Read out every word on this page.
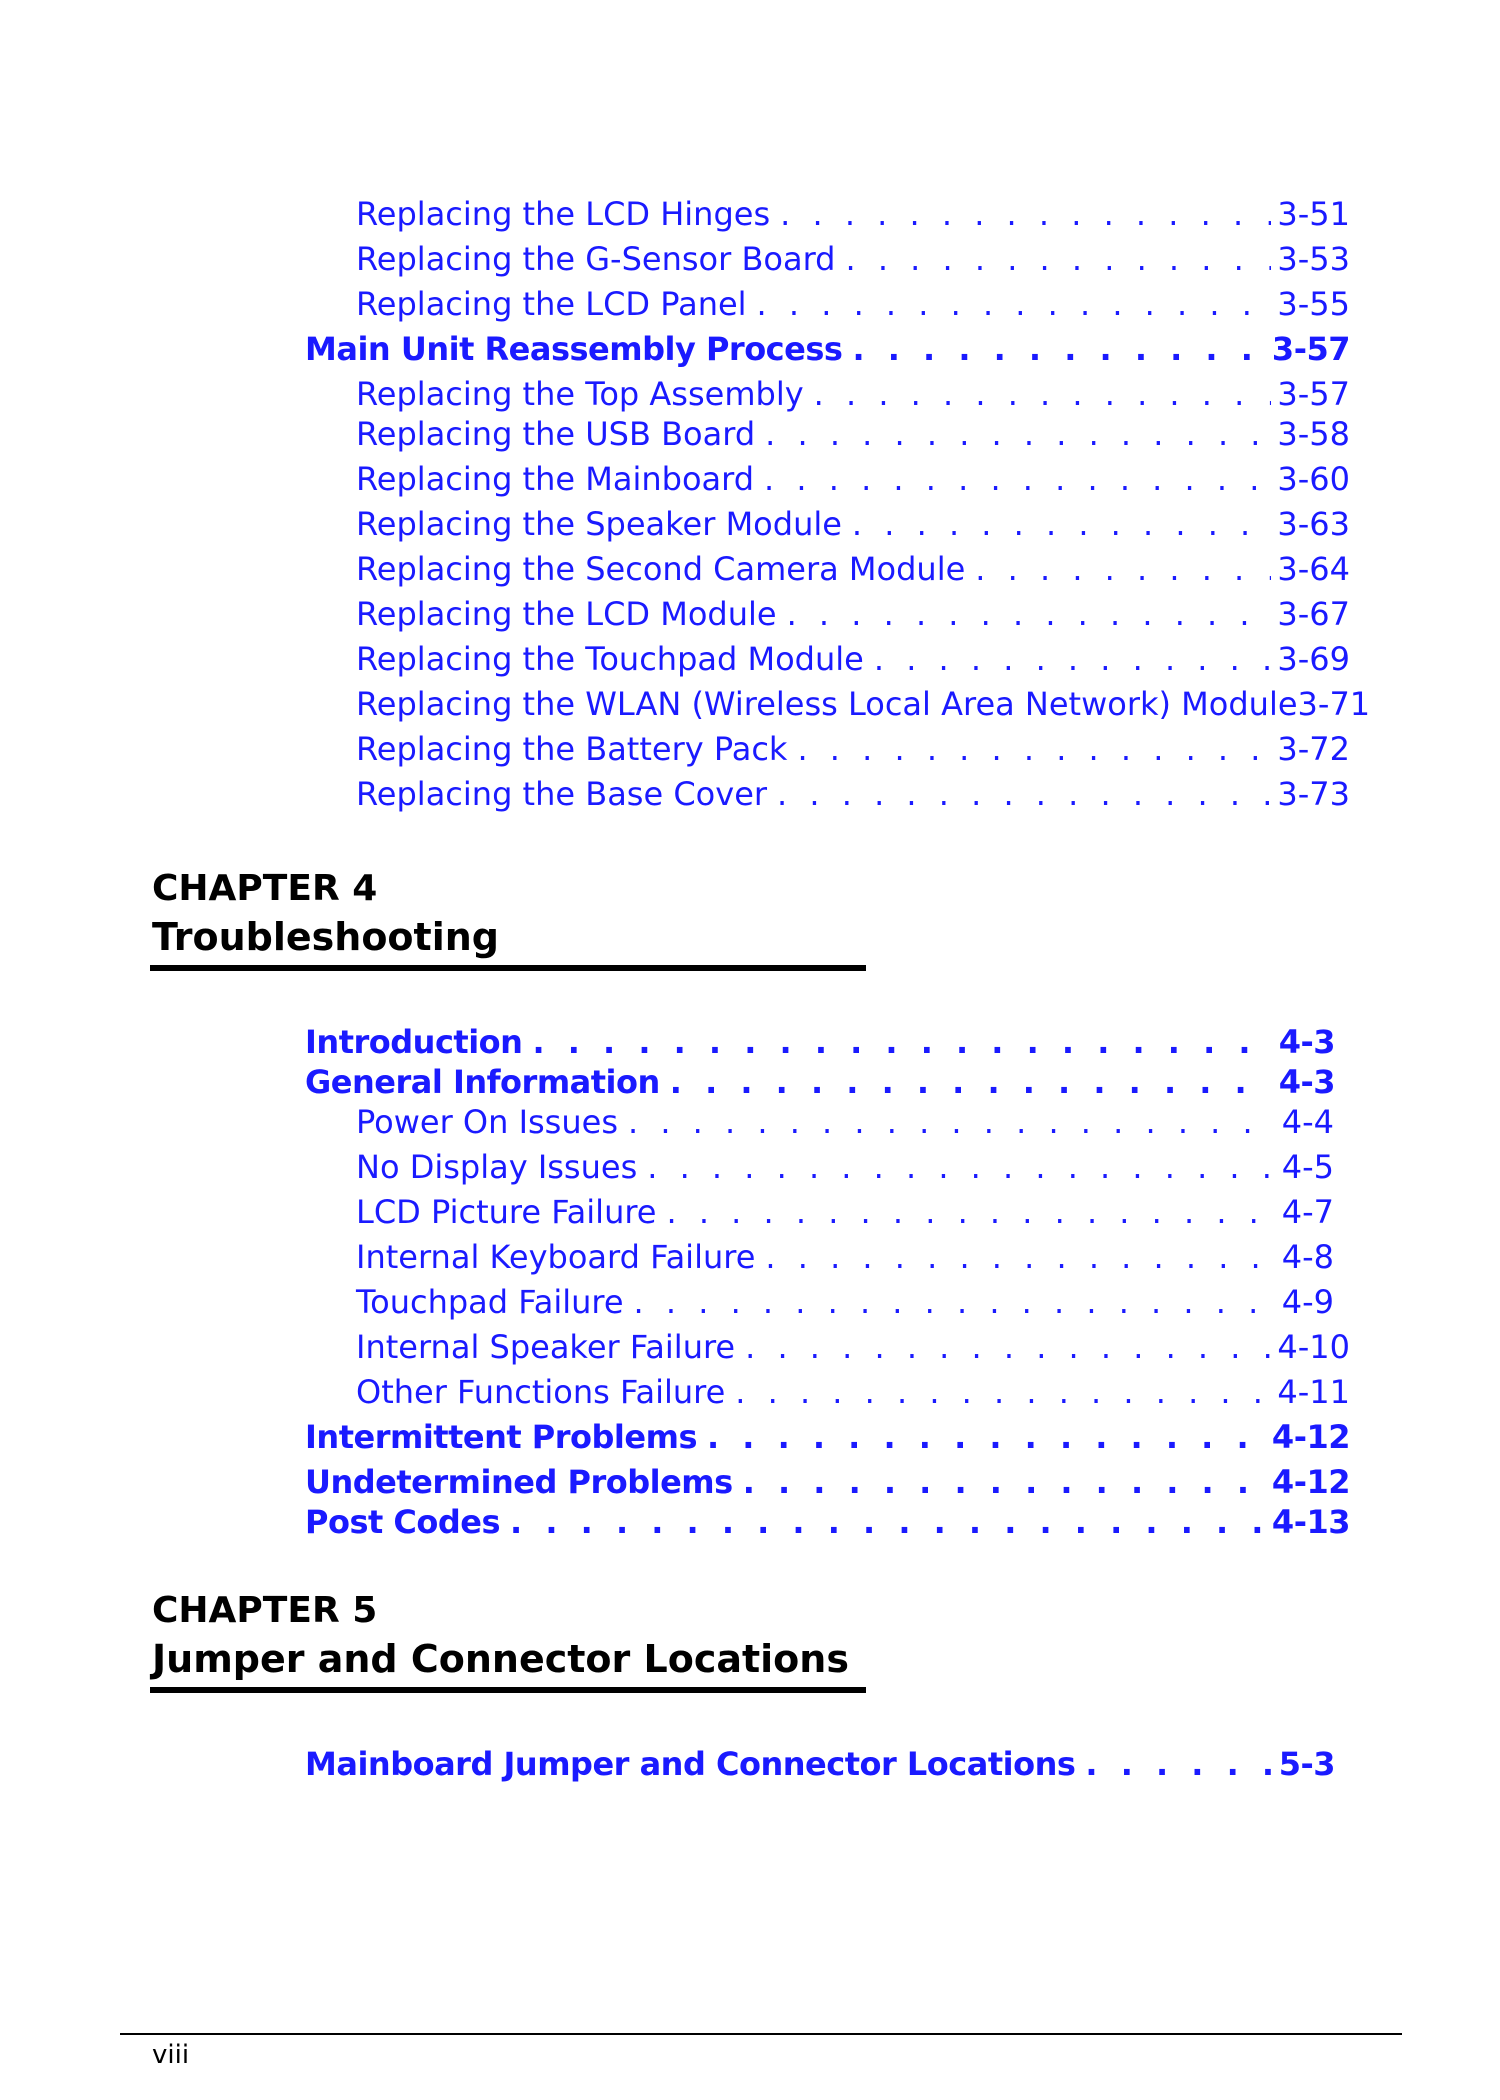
Replacing the LCD Hinges . . .	3-51
Replacing the G-Sensor Board . . .	3-53
Replacing the LCD Panel . . .	3-55
Main Unit Reassembly Process . . .	3-57
Replacing the Top Assembly . . .	3-57
Replacing the USB Board . . .	3-58
Replacing the Mainboard . . .	3-60
Replacing the Speaker Module . . .	3-63
Replacing the Second Camera Module . . .	3-64
Replacing the LCD Module . . .	3-67
Replacing the Touchpad Module . . .	3-69
Replacing the WLAN (Wireless Local Area Network) Module 3-71
Replacing the Battery Pack . . .	3-72
Replacing the Base Cover . . .	3-73
CHAPTER 4
Troubleshooting
Introduction . . .	4-3
General Information . . .	4-3
Power On Issues . . .	4-4
No Display Issues . . .	4-5
LCD Picture Failure . . .	4-7
Internal Keyboard Failure . . .	4-8
Touchpad Failure . . .	4-9
Internal Speaker Failure . . .	4-10
Other Functions Failure . . .	4-11
Intermittent Problems . . .	4-12
Undetermined Problems . . .	4-12
Post Codes . . .	4-13
CHAPTER 5
Jumper and Connector Locations
Mainboard Jumper and Connector Locations . . .	5-3
viii
